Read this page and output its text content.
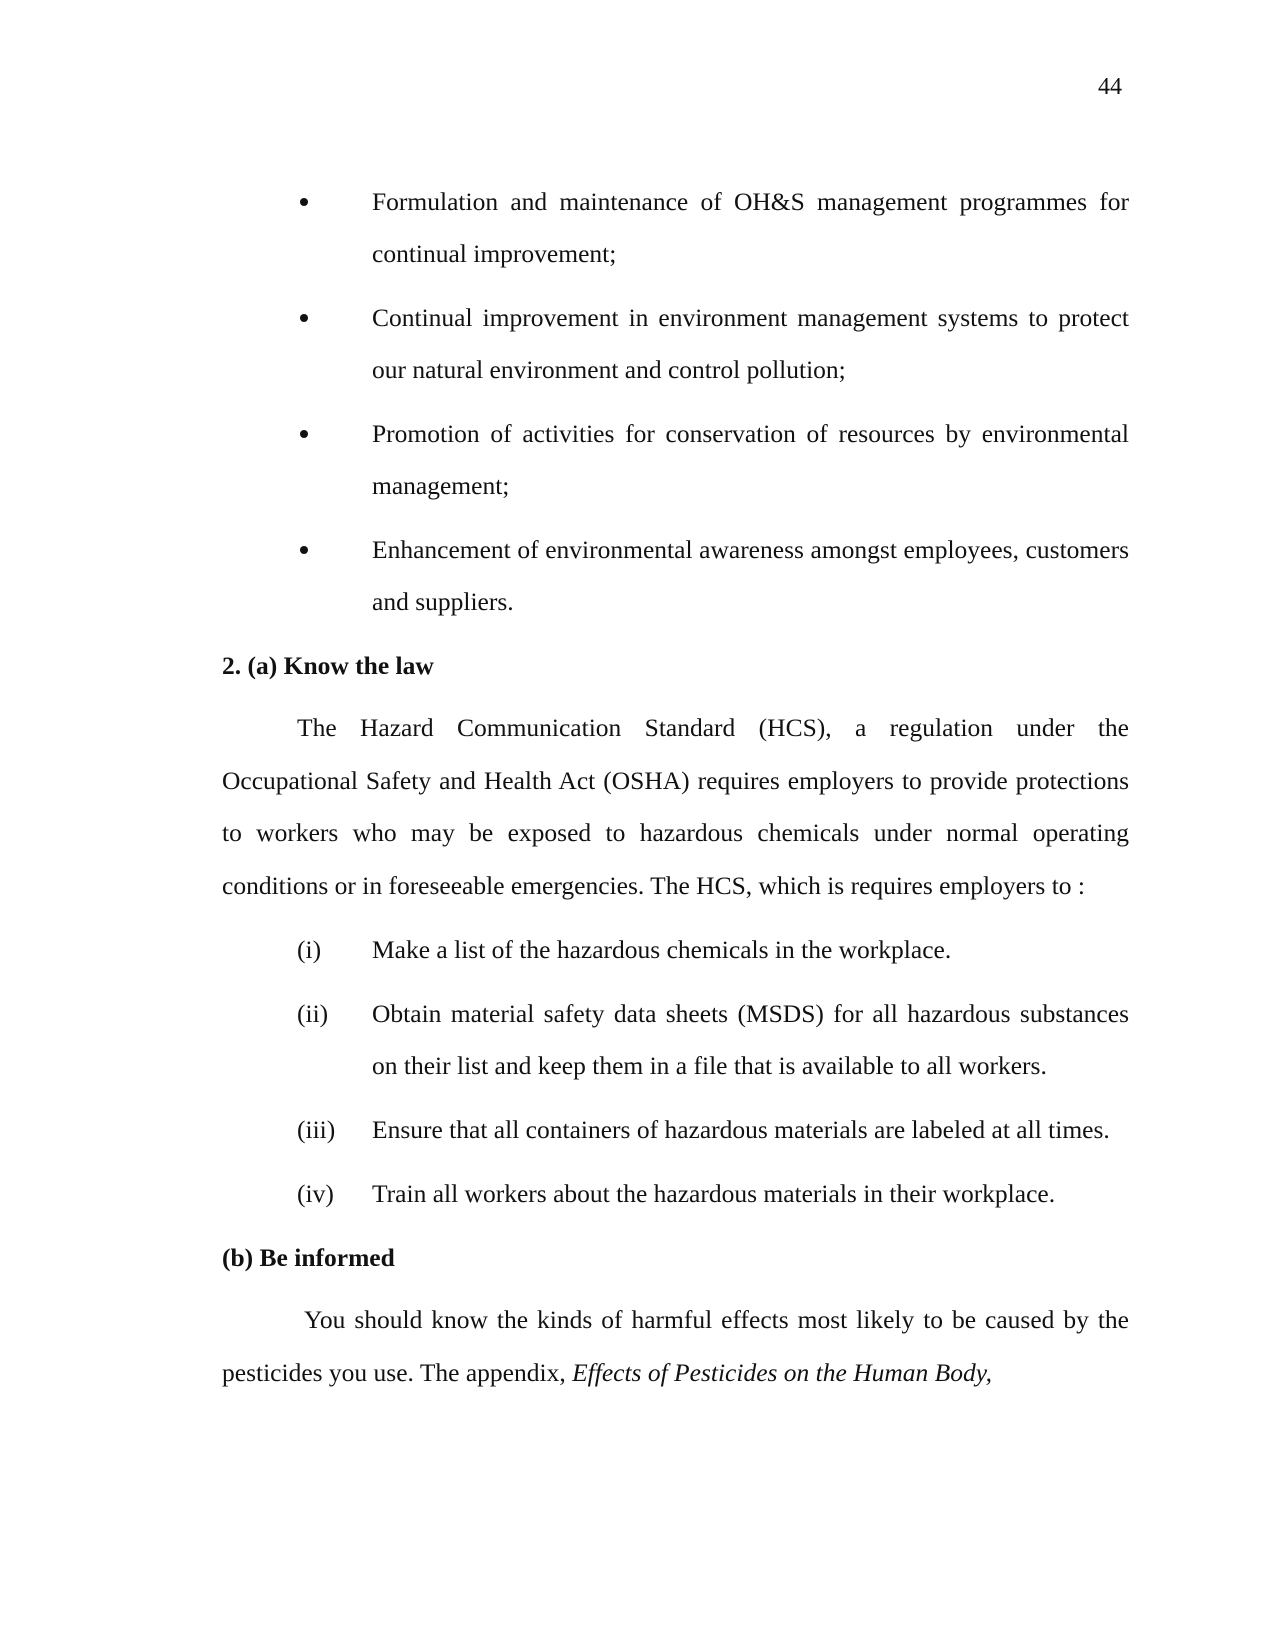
44
Formulation and maintenance of OH&S management programmes for continual improvement;
Continual improvement in environment management systems to protect our natural environment and control pollution;
Promotion of activities for conservation of resources by environmental management;
Enhancement of environmental awareness amongst employees, customers and suppliers.
2. (a) Know the law
The Hazard Communication Standard (HCS), a regulation under the Occupational Safety and Health Act (OSHA) requires employers to provide protections to workers who may be exposed to hazardous chemicals under normal operating conditions or in foreseeable emergencies. The HCS, which is requires employers to :
(i) Make a list of the hazardous chemicals in the workplace.
(ii) Obtain material safety data sheets (MSDS) for all hazardous substances on their list and keep them in a file that is available to all workers.
(iii) Ensure that all containers of hazardous materials are labeled at all times.
(iv) Train all workers about the hazardous materials in their workplace.
(b) Be informed
You should know the kinds of harmful effects most likely to be caused by the pesticides you use. The appendix, Effects of Pesticides on the Human Body,
